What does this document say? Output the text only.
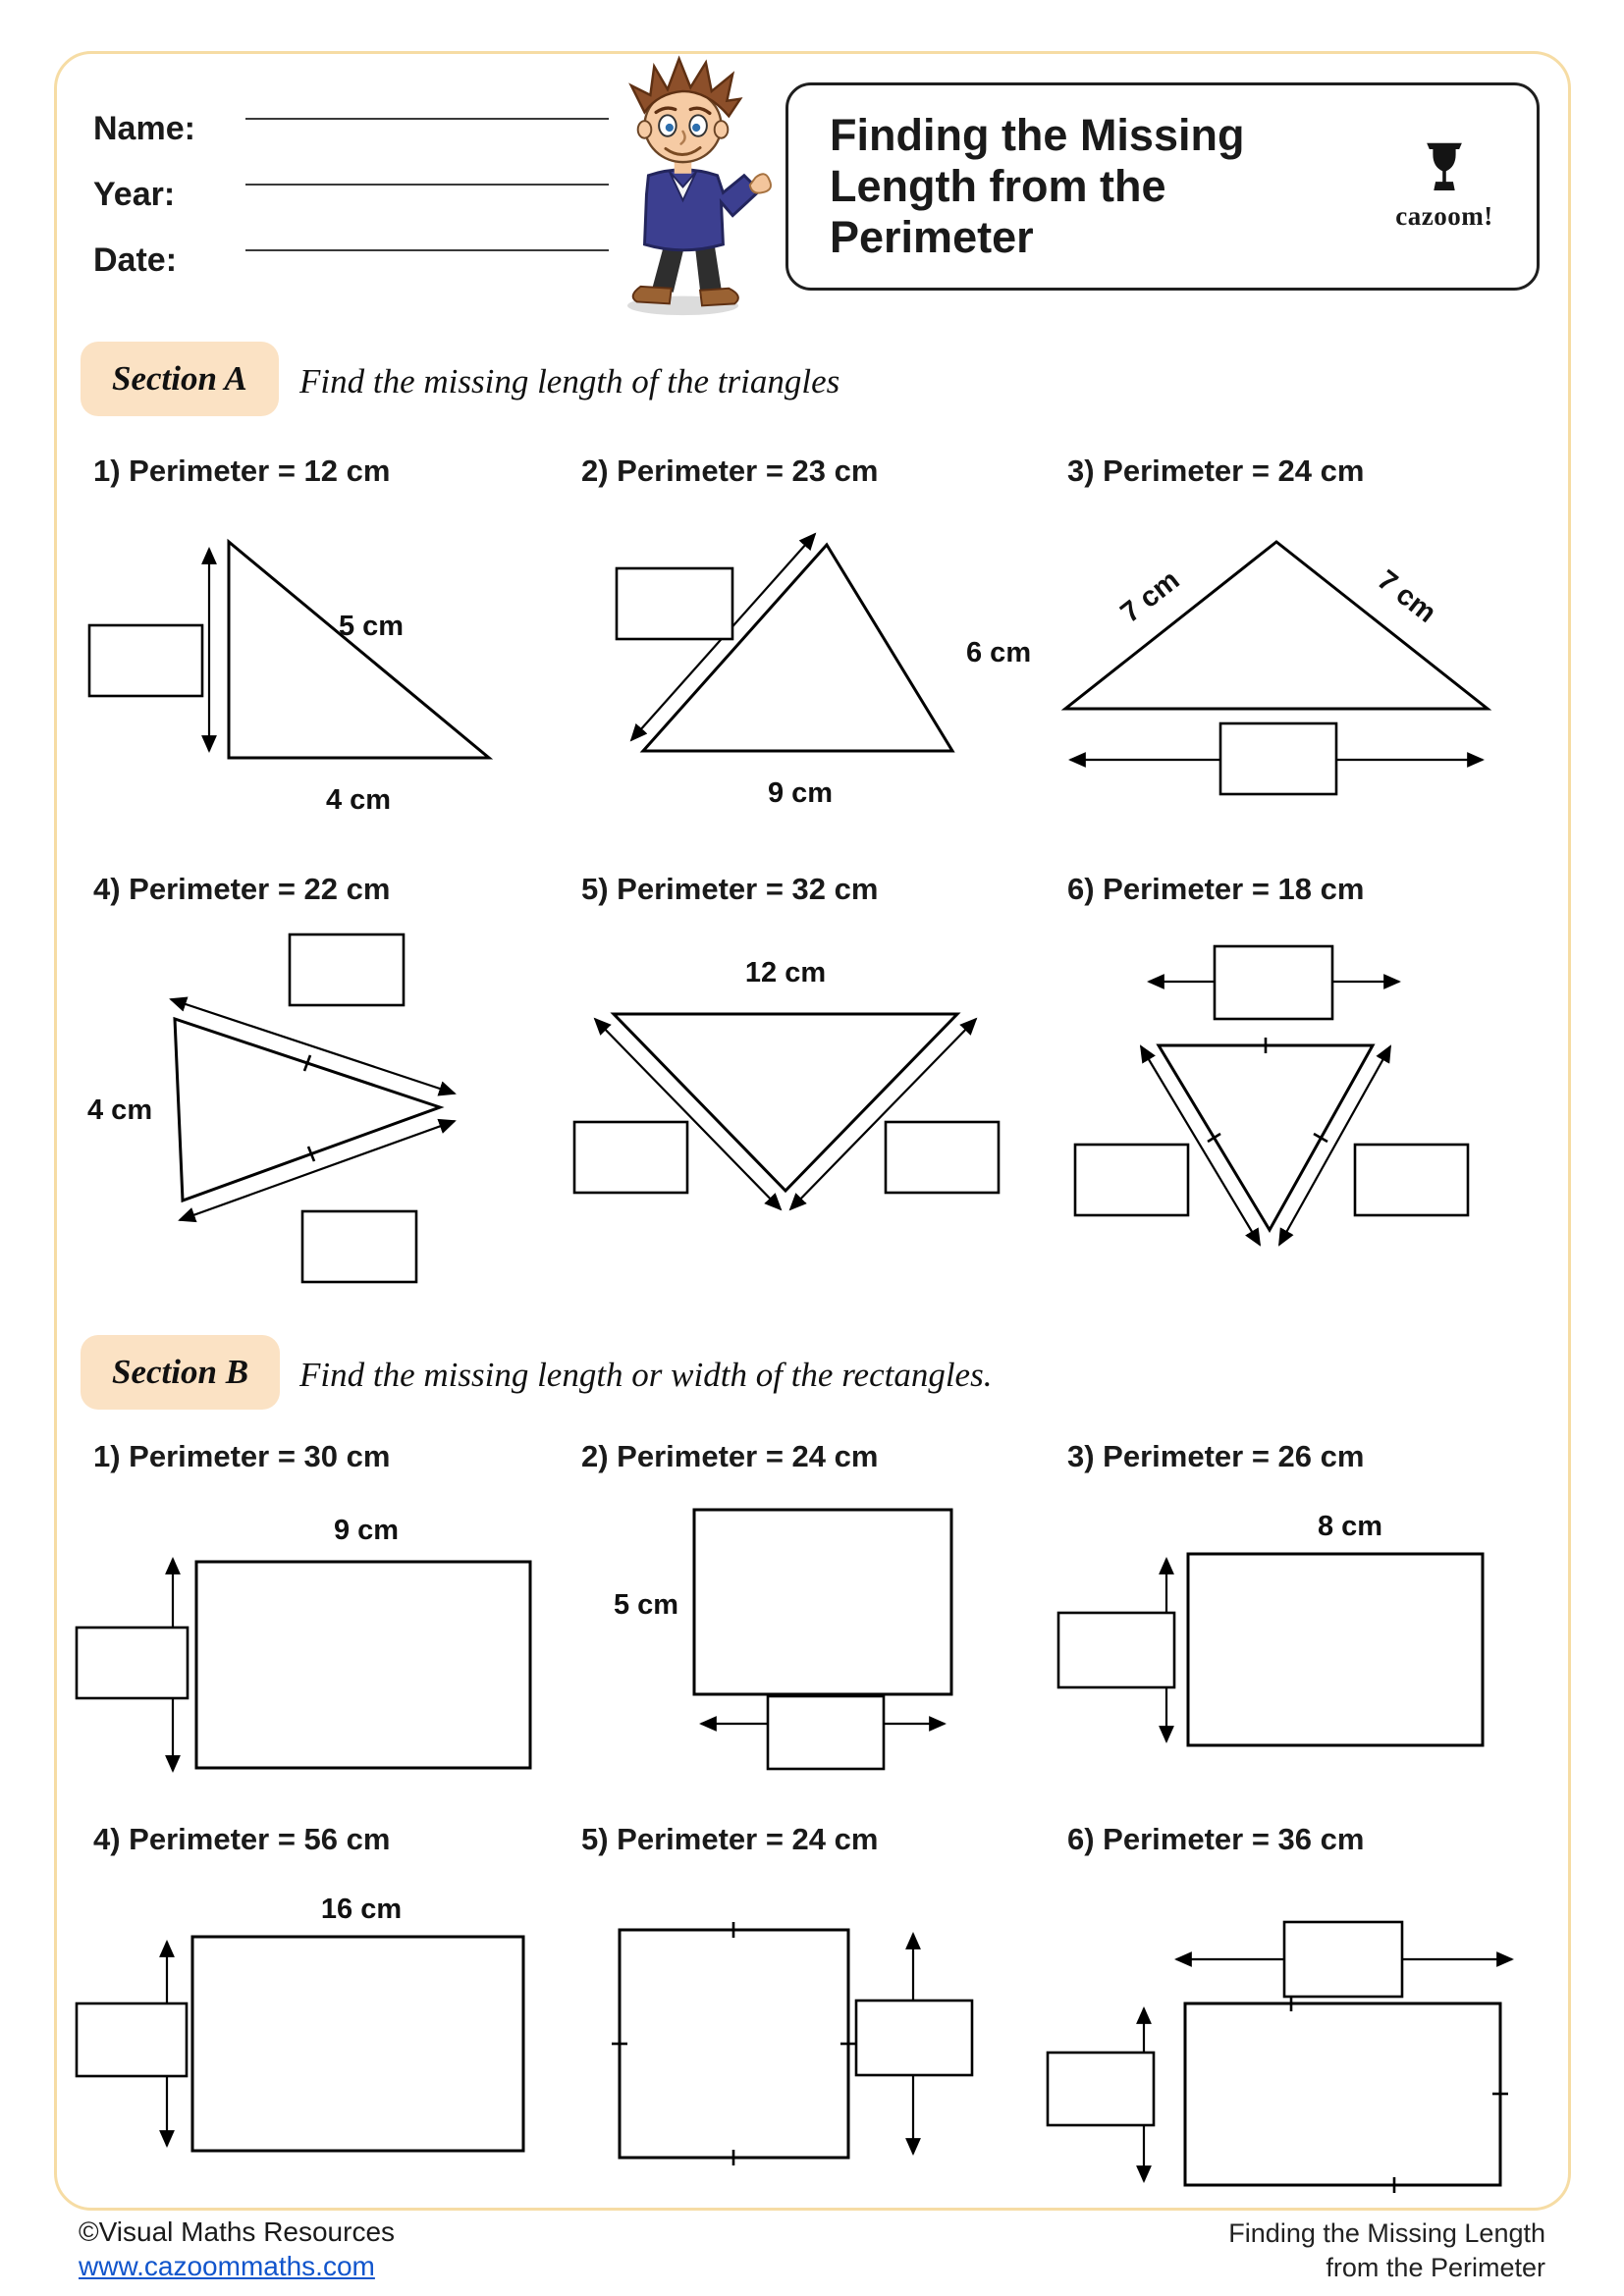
Name:
Year:
Date:
Finding the Missing Length from the Perimeter	cazoom!
Section A	Find the missing length of the triangles
1) Perimeter = 12 cm
5 cm
4 cm
2) Perimeter = 23 cm
6 cm
9 cm
3) Perimeter = 24 cm
7 cm	7 cm
4) Perimeter = 22 cm
4 cm
5) Perimeter = 32 cm
12 cm
6) Perimeter = 18 cm
Section B	Find the missing length or width of the rectangles.
1) Perimeter = 30 cm
9 cm
2) Perimeter = 24 cm
5 cm
3) Perimeter = 26 cm
8 cm
4) Perimeter = 56 cm
16 cm
5) Perimeter = 24 cm	6) Perimeter = 36 cm
©Visual Maths Resources
www.cazoommaths.com
Finding the Missing Length
from the Perimeter
